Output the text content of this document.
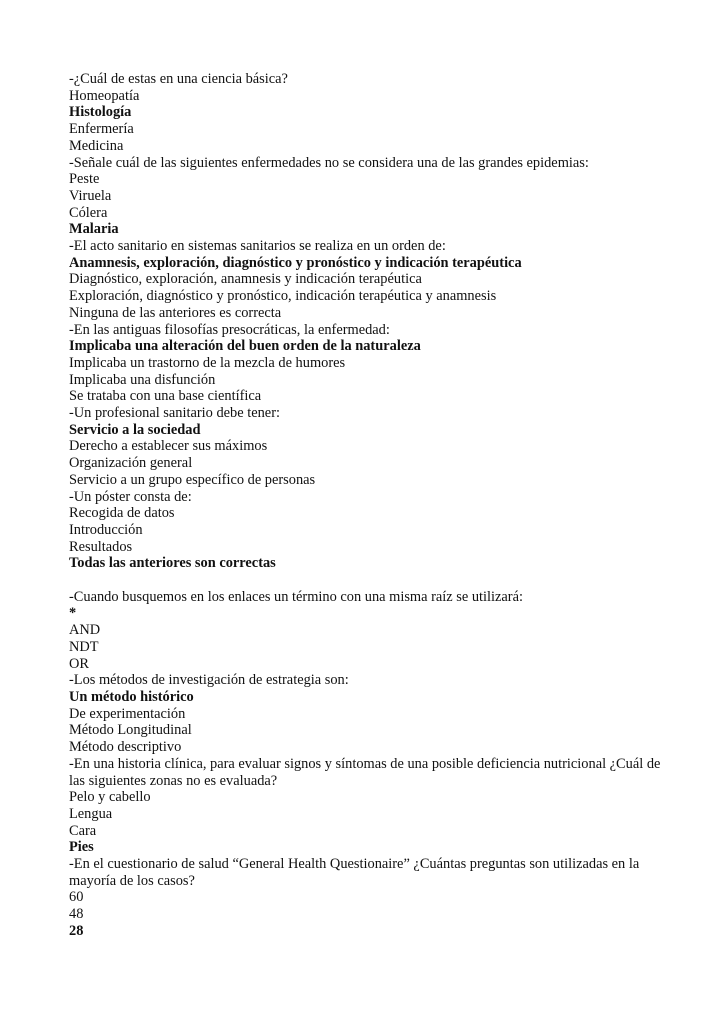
-¿Cuál de estas en una ciencia básica?
Homeopatía
Histología
Enfermería
Medicina
-Señale cuál de las siguientes enfermedades no se considera una de las grandes epidemias:
Peste
Viruela
Cólera
Malaria
-El acto sanitario en sistemas sanitarios se realiza en un orden de:
Anamnesis, exploración, diagnóstico y pronóstico y indicación terapéutica
Diagnóstico, exploración, anamnesis y indicación terapéutica
Exploración, diagnóstico y pronóstico, indicación terapéutica y anamnesis
Ninguna de las anteriores es correcta
-En las antiguas filosofías presocráticas, la enfermedad:
Implicaba una alteración del buen orden de la naturaleza
Implicaba un trastorno de la mezcla de humores
Implicaba una disfunción
Se trataba con una base científica
-Un profesional sanitario debe tener:
Servicio a la sociedad
Derecho a establecer sus máximos
Organización general
Servicio a un grupo específico de personas
-Un póster consta de:
Recogida de datos
Introducción
Resultados
Todas las anteriores son correctas
-Cuando busquemos en los enlaces un término con una misma raíz se utilizará:
*
AND
NDT
OR
-Los métodos de investigación de estrategia son:
Un método histórico
De experimentación
Método Longitudinal
Método descriptivo
-En una historia clínica, para evaluar signos y síntomas de una posible deficiencia nutricional ¿Cuál de las siguientes zonas no es evaluada?
Pelo y cabello
Lengua
Cara
Pies
-En el cuestionario de salud “General Health Questionaire” ¿Cuántas preguntas son utilizadas en la mayoría de los casos?
60
48
28
